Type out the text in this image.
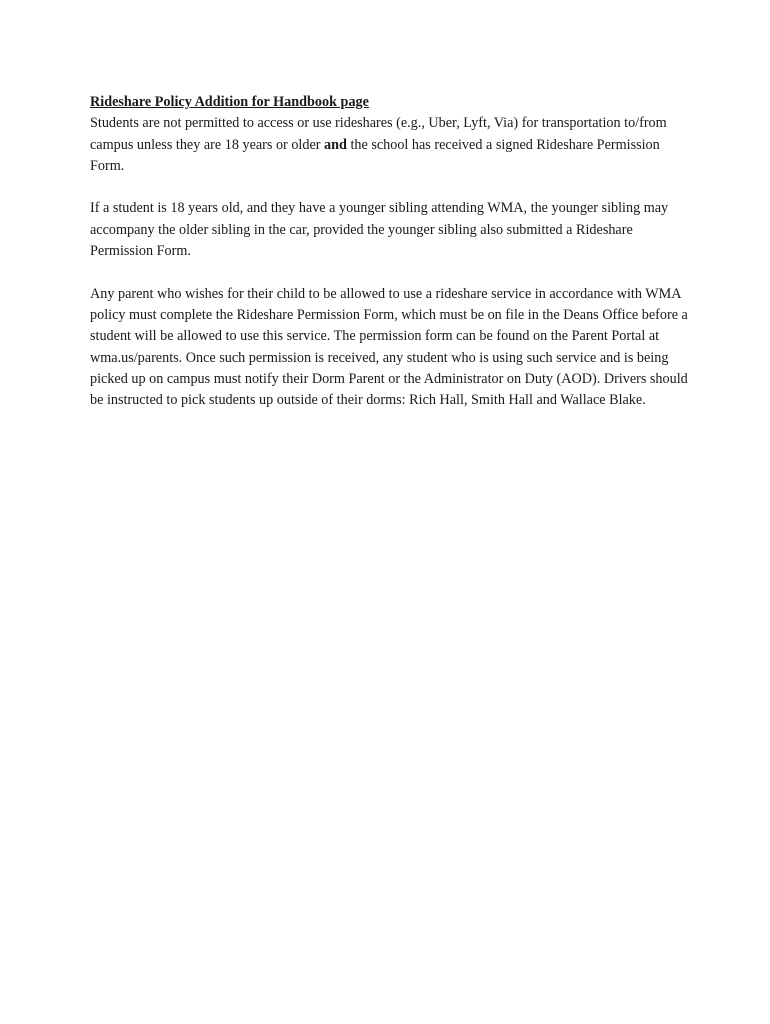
Rideshare Policy Addition for Handbook page

Students are not permitted to access or use rideshares (e.g., Uber, Lyft, Via) for transportation to/from campus unless they are 18 years or older and the school has received a signed Rideshare Permission Form.

If a student is 18 years old, and they have a younger sibling attending WMA, the younger sibling may accompany the older sibling in the car, provided the younger sibling also submitted a Rideshare Permission Form.

Any parent who wishes for their child to be allowed to use a rideshare service in accordance with WMA policy must complete the Rideshare Permission Form, which must be on file in the Deans Office before a student will be allowed to use this service. The permission form can be found on the Parent Portal at wma.us/parents. Once such permission is received, any student who is using such service and is being picked up on campus must notify their Dorm Parent or the Administrator on Duty (AOD). Drivers should be instructed to pick students up outside of their dorms: Rich Hall, Smith Hall and Wallace Blake.
